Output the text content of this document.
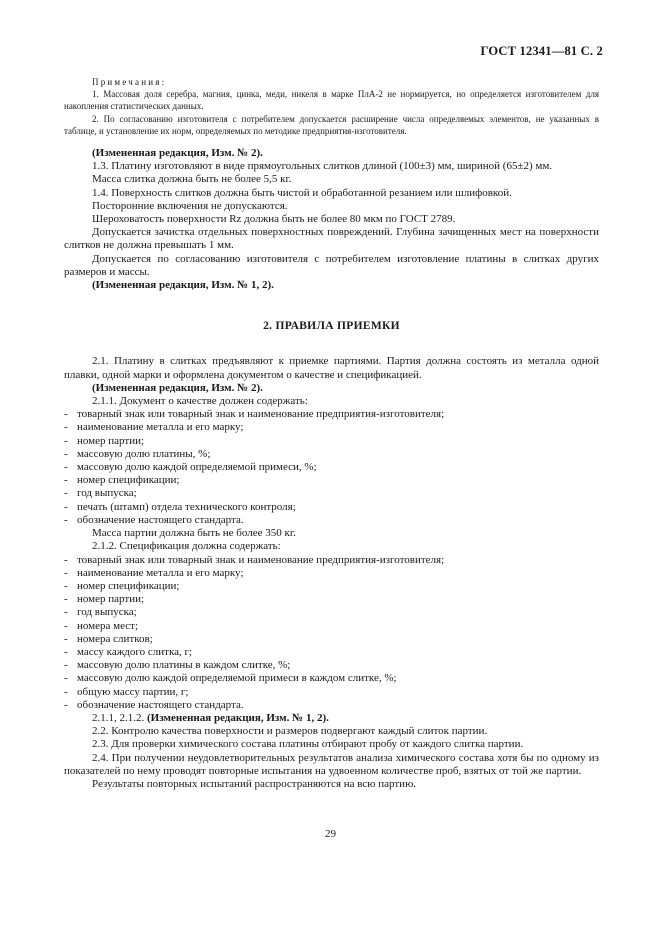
ГОСТ 12341—81 С. 2
Примечания:
1. Массовая доля серебра, магния, цинка, меди, никеля в марке ПлА-2 не нормируется, но определяется изготовителем для накопления статистических данных.
2. По согласованию изготовителя с потребителем допускается расширение числа определяемых элементов, не указанных в таблице, и установление их норм, определяемых по методике предприятия-изготовителя.

(Измененная редакция, Изм. № 2).

1.3. Платину изготовляют в виде прямоугольных слитков длиной (100±3) мм, шириной (65±2) мм.

Масса слитка должна быть не более 5,5 кг.

1.4. Поверхность слитков должна быть чистой и обработанной резанием или шлифовкой.

Посторонние включения не допускаются.

Шероховатость поверхности Rz должна быть не более 80 мкм по ГОСТ 2789.

Допускается зачистка отдельных поверхностных повреждений. Глубина зачищенных мест на поверхности слитков не должна превышать 1 мм.

Допускается по согласованию изготовителя с потребителем изготовление платины в слитках других размеров и массы.

(Измененная редакция, Изм. № 1, 2).

2. ПРАВИЛА ПРИЕМКИ

2.1. Платину в слитках предъявляют к приемке партиями. Партия должна состоять из металла одной плавки, одной марки и оформлена документом о качестве и спецификацией.

(Измененная редакция, Изм. № 2).

2.1.1. Документ о качестве должен содержать:

- товарный знак или товарный знак и наименование предприятия-изготовителя;
- наименование металла и его марку;
- номер партии;
- массовую долю платины, %;
- массовую долю каждой определяемой примеси, %;
- номер спецификации;
- год выпуска;
- печать (штамп) отдела технического контроля;
- обозначение настоящего стандарта.

Масса партии должна быть не более 350 кг.

2.1.2. Спецификация должна содержать:

- товарный знак или товарный знак и наименование предприятия-изготовителя;
- наименование металла и его марку;
- номер спецификации;
- номер партии;
- год выпуска;
- номера мест;
- номера слитков;
- массу каждого слитка, г;
- массовую долю платины в каждом слитке, %;
- массовую долю каждой определяемой примеси в каждом слитке, %;
- общую массу партии, г;
- обозначение настоящего стандарта.

2.1.1, 2.1.2. (Измененная редакция, Изм. № 1, 2).

2.2. Контролю качества поверхности и размеров подвергают каждый слиток партии.

2.3. Для проверки химического состава платины отбирают пробу от каждого слитка партии.

2.4. При получении неудовлетворительных результатов анализа химического состава хотя бы по одному из показателей по нему проводят повторные испытания на удвоенном количестве проб, взятых от той же партии.

Результаты повторных испытаний распространяются на всю партию.

29
